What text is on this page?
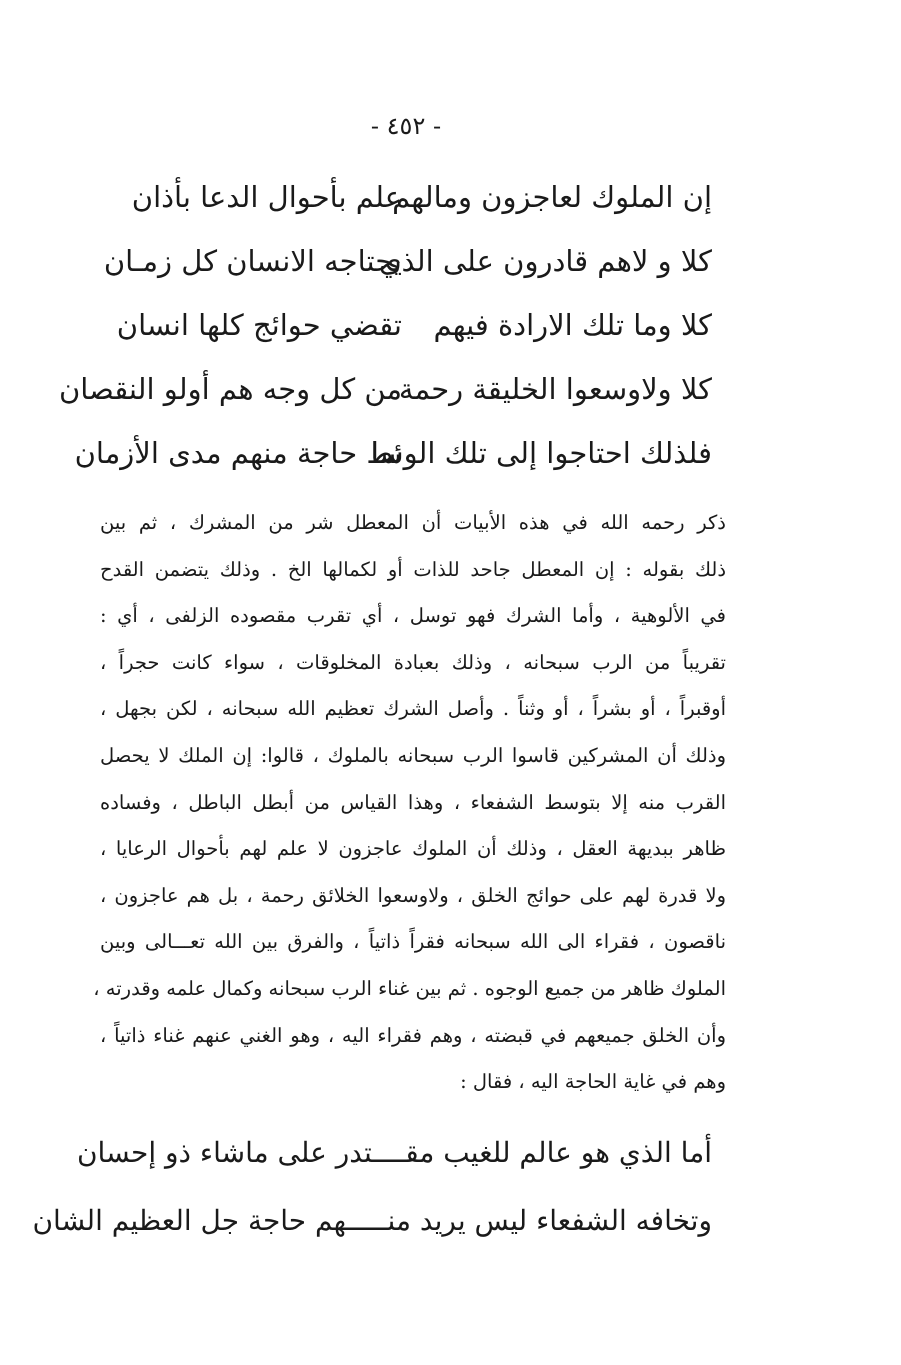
- ٤٥٢ -
إن الملوك لعاجزون ومالهم
علم بأحوال الدعا بأذان
كلا و لاهم قادرون على الذي
يحتاجه الانسان كل زمـان
كلا وما تلك الارادة فيهم
تقضي حوائج كلها انسان
كلا ولاوسعوا الخليقة رحمة
من كل وجه هم أولو النقصان
فلذلك احتاجوا إلى تلك الوسا
ئط حاجة منهم مدى الأزمان
ذكر رحمه الله في هذه الأبيات أن المعطل شر من المشرك ، ثم بين
ذلك بقوله : إن المعطل جاحد للذات أو لكمالها الخ . وذلك يتضمن القدح
في الألوهية ، وأما الشرك فهو توسل ، أي تقرب مقصوده الزلفى ، أي :
تقريباً من الرب سبحانه ، وذلك بعبادة المخلوقات ، سواء كانت حجراً ،
أوقبراً ، أو بشراً ، أو وثناً . وأصل الشرك تعظيم الله سبحانه ، لكن بجهل ،
وذلك أن المشركين قاسوا الرب سبحانه بالملوك ، قالوا: إن الملك لا يحصل
القرب منه إلا بتوسط الشفعاء ، وهذا القياس من أبطل الباطل ، وفساده
ظاهر ببديهة العقل ، وذلك أن الملوك عاجزون لا علم لهم بأحوال الرعايا ،
ولا قدرة لهم على حوائج الخلق ، ولاوسعوا الخلائق رحمة ، بل هم عاجزون ،
ناقصون ، فقراء الى الله سبحانه فقراً ذاتياً ، والفرق بين الله تعـــالى وبين
الملوك ظاهر من جميع الوجوه . ثم بين غناء الرب سبحانه وكمال علمه وقدرته ،
وأن الخلق جميعهم في قبضته ، وهم فقراء اليه ، وهو الغني عنهم غناء ذاتياً ،
وهم في غاية الحاجة اليه ، فقال :
أما الذي هو عالم للغيب مقــــتدر على ماشاء ذو إحسان
وتخافه الشفعاء ليس يريد منـــــهم حاجة جل العظيم الشان
